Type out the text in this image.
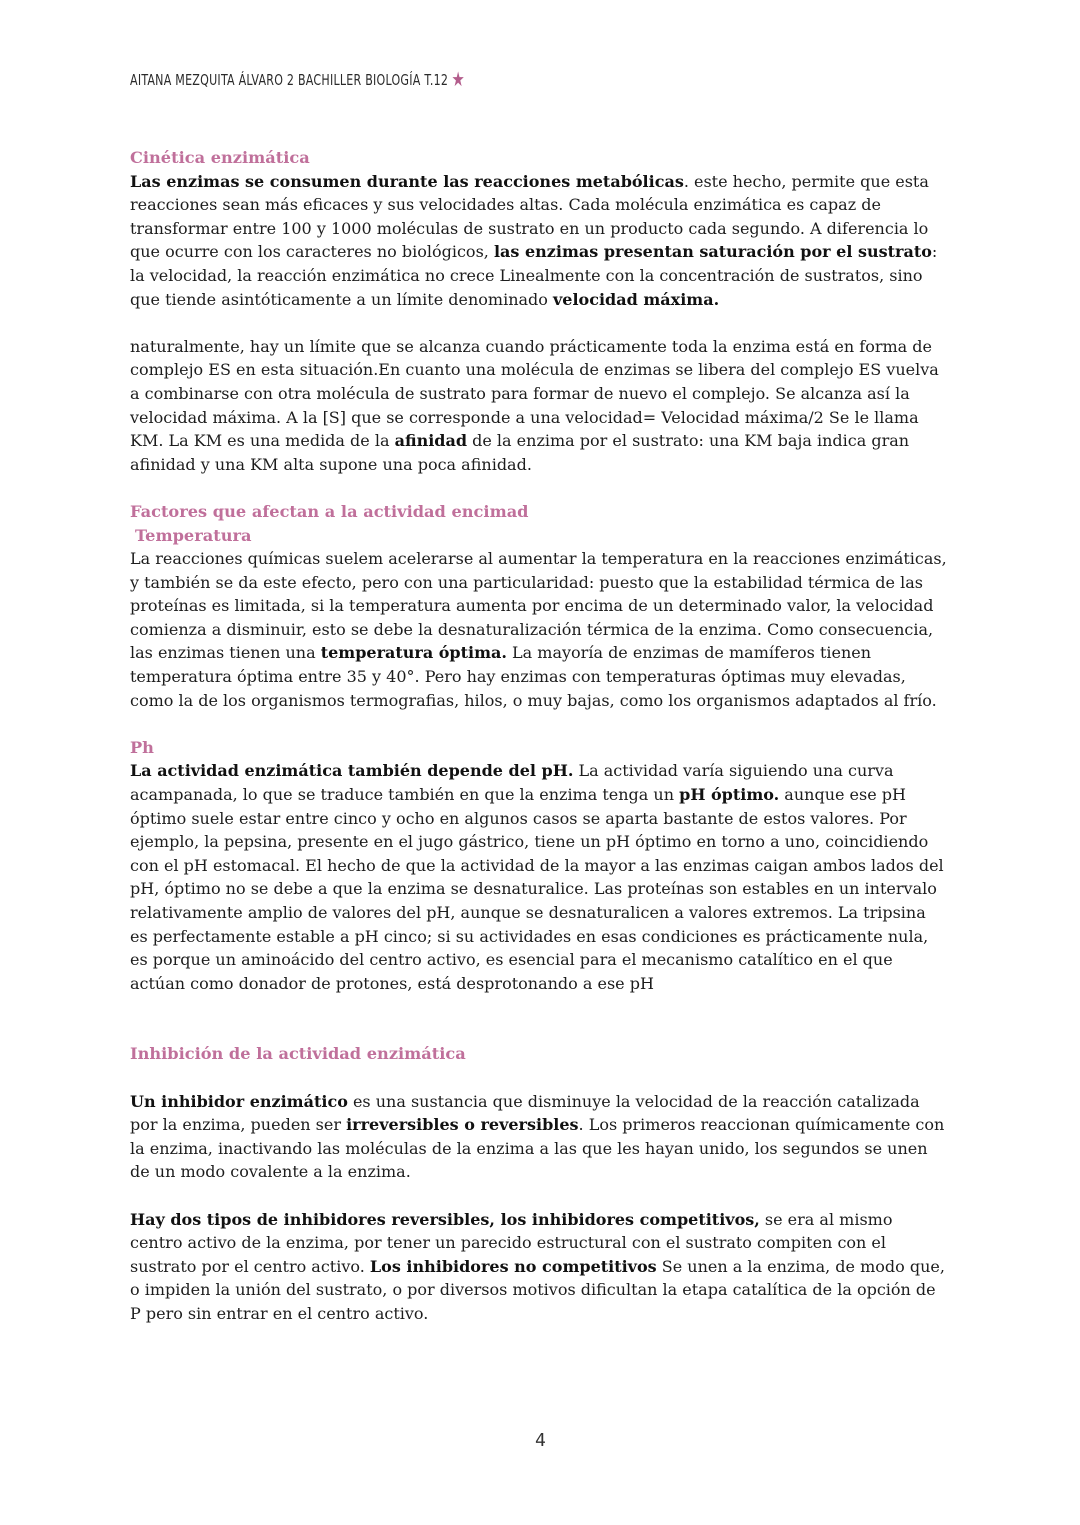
AITANA MEZQUITA ÁLVARO 2 BACHILLER BIOLOGÍA T.12 ★
Cinética enzimática

Las enzimas se consumen durante las reacciones metabólicas. este hecho, permite que esta reacciones sean más eficaces y sus velocidades altas. Cada molécula enzimática es capaz de transformar entre 100 y 1000 moléculas de sustrato en un producto cada segundo. A diferencia lo que ocurre con los caracteres no biológicos, las enzimas presentan saturación por el sustrato: la velocidad, la reacción enzimática no crece Linealmente con la concentración de sustratos, sino que tiende asintóticamente a un límite denominado velocidad máxima.

naturalmente, hay un límite que se alcanza cuando prácticamente toda la enzima está en forma de complejo ES en esta situación.En cuanto una molécula de enzimas se libera del complejo ES vuelva a combinarse con otra molécula de sustrato para formar de nuevo el complejo. Se alcanza así la velocidad máxima. A la [S] que se corresponde a una velocidad= Velocidad máxima/2 Se le llama KM. La KM es una medida de la afinidad de la enzima por el sustrato: una KM baja indica gran afinidad y una KM alta supone una poca afinidad.

Factores que afectan a la actividad encimad
Temperatura

La reacciones químicas suelem acelerarse al aumentar la temperatura en la reacciones enzimáticas, y también se da este efecto, pero con una particularidad: puesto que la estabilidad térmica de las proteínas es limitada, si la temperatura aumenta por encima de un determinado valor, la velocidad comienza a disminuir, esto se debe la desnaturalización térmica de la enzima. Como consecuencia, las enzimas tienen una temperatura óptima. La mayoría de enzimas de mamíferos tienen temperatura óptima entre 35 y 40°. Pero hay enzimas con temperaturas óptimas muy elevadas, como la de los organismos termografias, hilos, o muy bajas, como los organismos adaptados al frío.

Ph

La actividad enzimática también depende del pH. La actividad varía siguiendo una curva acampanada, lo que se traduce también en que la enzima tenga un pH óptimo. aunque ese pH óptimo suele estar entre cinco y ocho en algunos casos se aparta bastante de estos valores. Por ejemplo, la pepsina, presente en el jugo gástrico, tiene un pH óptimo en torno a uno, coincidiendo con el pH estomacal. El hecho de que la actividad de la mayor a las enzimas caigan ambos lados del pH, óptimo no se debe a que la enzima se desnaturalice. Las proteínas son estables en un intervalo relativamente amplio de valores del pH, aunque se desnaturalicen a valores extremos. La tripsina es perfectamente estable a pH cinco; si su actividades en esas condiciones es prácticamente nula, es porque un aminoácido del centro activo, es esencial para el mecanismo catalítico en el que actúan como donador de protones, está desprotonando a ese pH

Inhibición de la actividad enzimática

Un inhibidor enzimático es una sustancia que disminuye la velocidad de la reacción catalizada por la enzima, pueden ser irreversibles o reversibles. Los primeros reaccionan químicamente con la enzima, inactivando las moléculas de la enzima a las que les hayan unido, los segundos se unen de un modo covalente a la enzima.

Hay dos tipos de inhibidores reversibles, los inhibidores competitivos, se era al mismo centro activo de la enzima, por tener un parecido estructural con el sustrato compiten con el sustrato por el centro activo. Los inhibidores no competitivos Se unen a la enzima, de modo que, o impiden la unión del sustrato, o por diversos motivos dificultan la etapa catalítica de la opción de P pero sin entrar en el centro activo.

4
